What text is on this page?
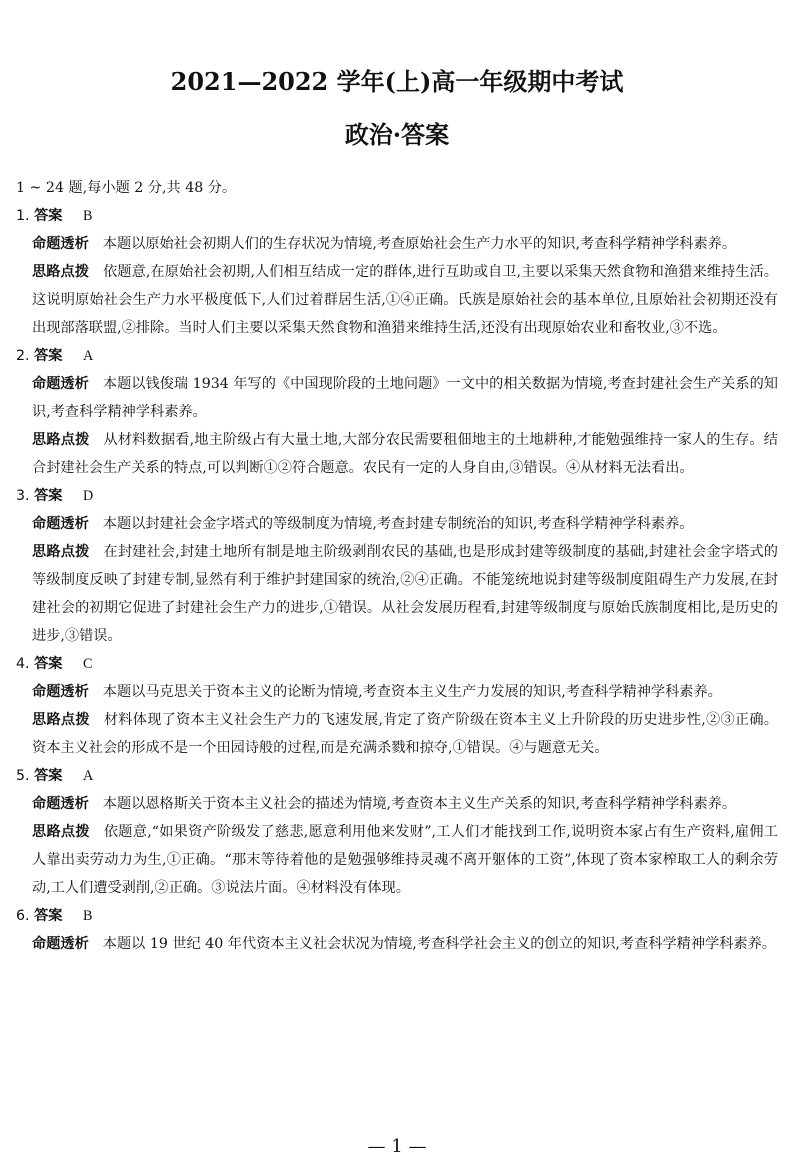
2021—2022 学年(上)高一年级期中考试
政治·答案

1 ~ 24 题,每小题 2 分,共 48 分。

1. 答案 B

命题透析 本题以原始社会初期人们的生存状况为情境,考查原始社会生产力水平的知识,考查科学精神学科素养。

思路点拨 依题意,在原始社会初期,人们相互结成一定的群体,进行互助或自卫,主要以采集天然食物和渔猎来维持生活。这说明原始社会生产力水平极度低下,人们过着群居生活,①④正确。氏族是原始社会的基本单位,且原始社会初期还没有出现部落联盟,②排除。当时人们主要以采集天然食物和渔猎来维持生活,还没有出现原始农业和畜牧业,③不选。

2. 答案 A

命题透析 本题以钱俊瑞 1934 年写的《中国现阶段的土地问题》一文中的相关数据为情境,考查封建社会生产关系的知识,考查科学精神学科素养。

思路点拨 从材料数据看,地主阶级占有大量土地,大部分农民需要租佃地主的土地耕种,才能勉强维持一家人的生存。结合封建社会生产关系的特点,可以判断①②符合题意。农民有一定的人身自由,③错误。④从材料无法看出。

3. 答案 D

命题透析 本题以封建社会金字塔式的等级制度为情境,考查封建专制统治的知识,考查科学精神学科素养。

思路点拨 在封建社会,封建土地所有制是地主阶级剥削农民的基础,也是形成封建等级制度的基础,封建社会金字塔式的等级制度反映了封建专制,显然有利于维护封建国家的统治,②④正确。不能笼统地说封建等级制度阻碍生产力发展,在封建社会的初期它促进了封建社会生产力的进步,①错误。从社会发展历程看,封建等级制度与原始氏族制度相比,是历史的进步,③错误。

4. 答案 C

命题透析 本题以马克思关于资本主义的论断为情境,考查资本主义生产力发展的知识,考查科学精神学科素养。

思路点拨 材料体现了资本主义社会生产力的飞速发展,肯定了资产阶级在资本主义上升阶段的历史进步性,②③正确。资本主义社会的形成不是一个田园诗般的过程,而是充满杀戮和掠夺,①错误。④与题意无关。

5. 答案 A

命题透析 本题以恩格斯关于资本主义社会的描述为情境,考查资本主义生产关系的知识,考查科学精神学科素养。

思路点拨 依题意,“如果资产阶级发了慈悲,愿意利用他来发财”,工人们才能找到工作,说明资本家占有生产资料,雇佣工人靠出卖劳动力为生,①正确。“那末等待着他的是勉强够维持灵魂不离开躯体的工资”,体现了资本家榨取工人的剩余劳动,工人们遭受剥削,②正确。③说法片面。④材料没有体现。

6. 答案 B

命题透析 本题以 19 世纪 40 年代资本主义社会状况为情境,考查科学社会主义的创立的知识,考查科学精神学科素养。

— 1 —
